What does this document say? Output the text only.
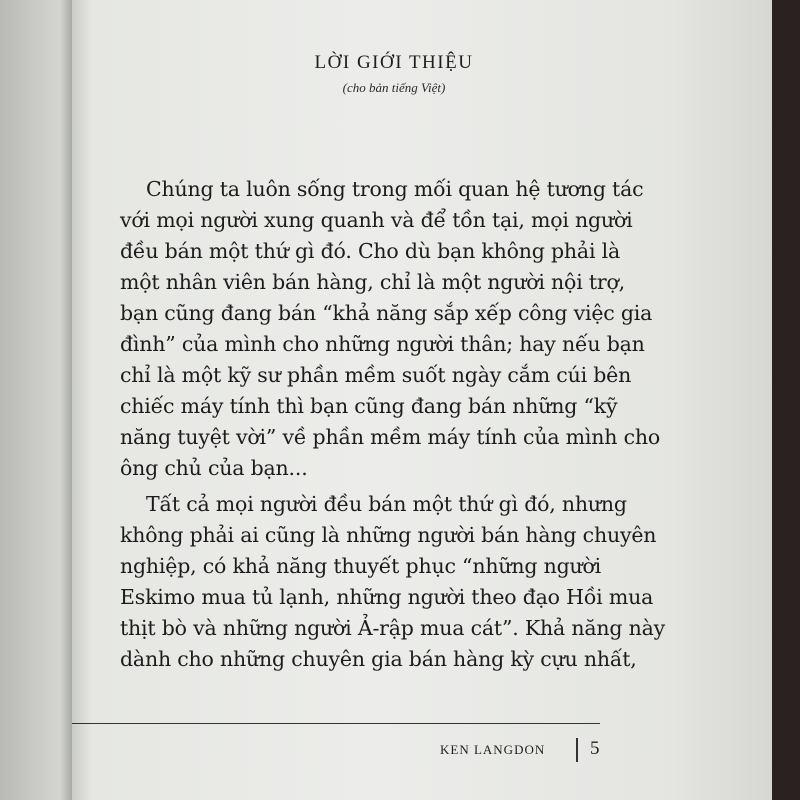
LỜI GIỚI THIỆU
(cho bản tiếng Việt)
Chúng ta luôn sống trong mối quan hệ tương tác
với mọi người xung quanh và để tồn tại, mọi người
đều bán một thứ gì đó. Cho dù bạn không phải là
một nhân viên bán hàng, chỉ là một người nội trợ,
bạn cũng đang bán “khả năng sắp xếp công việc gia
đình” của mình cho những người thân; hay nếu bạn
chỉ là một kỹ sư phần mềm suốt ngày cắm cúi bên
chiếc máy tính thì bạn cũng đang bán những “kỹ
năng tuyệt vời” về phần mềm máy tính của mình cho
ông chủ của bạn...
Tất cả mọi người đều bán một thứ gì đó, nhưng
không phải ai cũng là những người bán hàng chuyên
nghiệp, có khả năng thuyết phục “những người
Eskimo mua tủ lạnh, những người theo đạo Hồi mua
thịt bò và những người Ả-rập mua cát”. Khả năng này
dành cho những chuyên gia bán hàng kỳ cựu nhất,
KEN LANGDON 5
